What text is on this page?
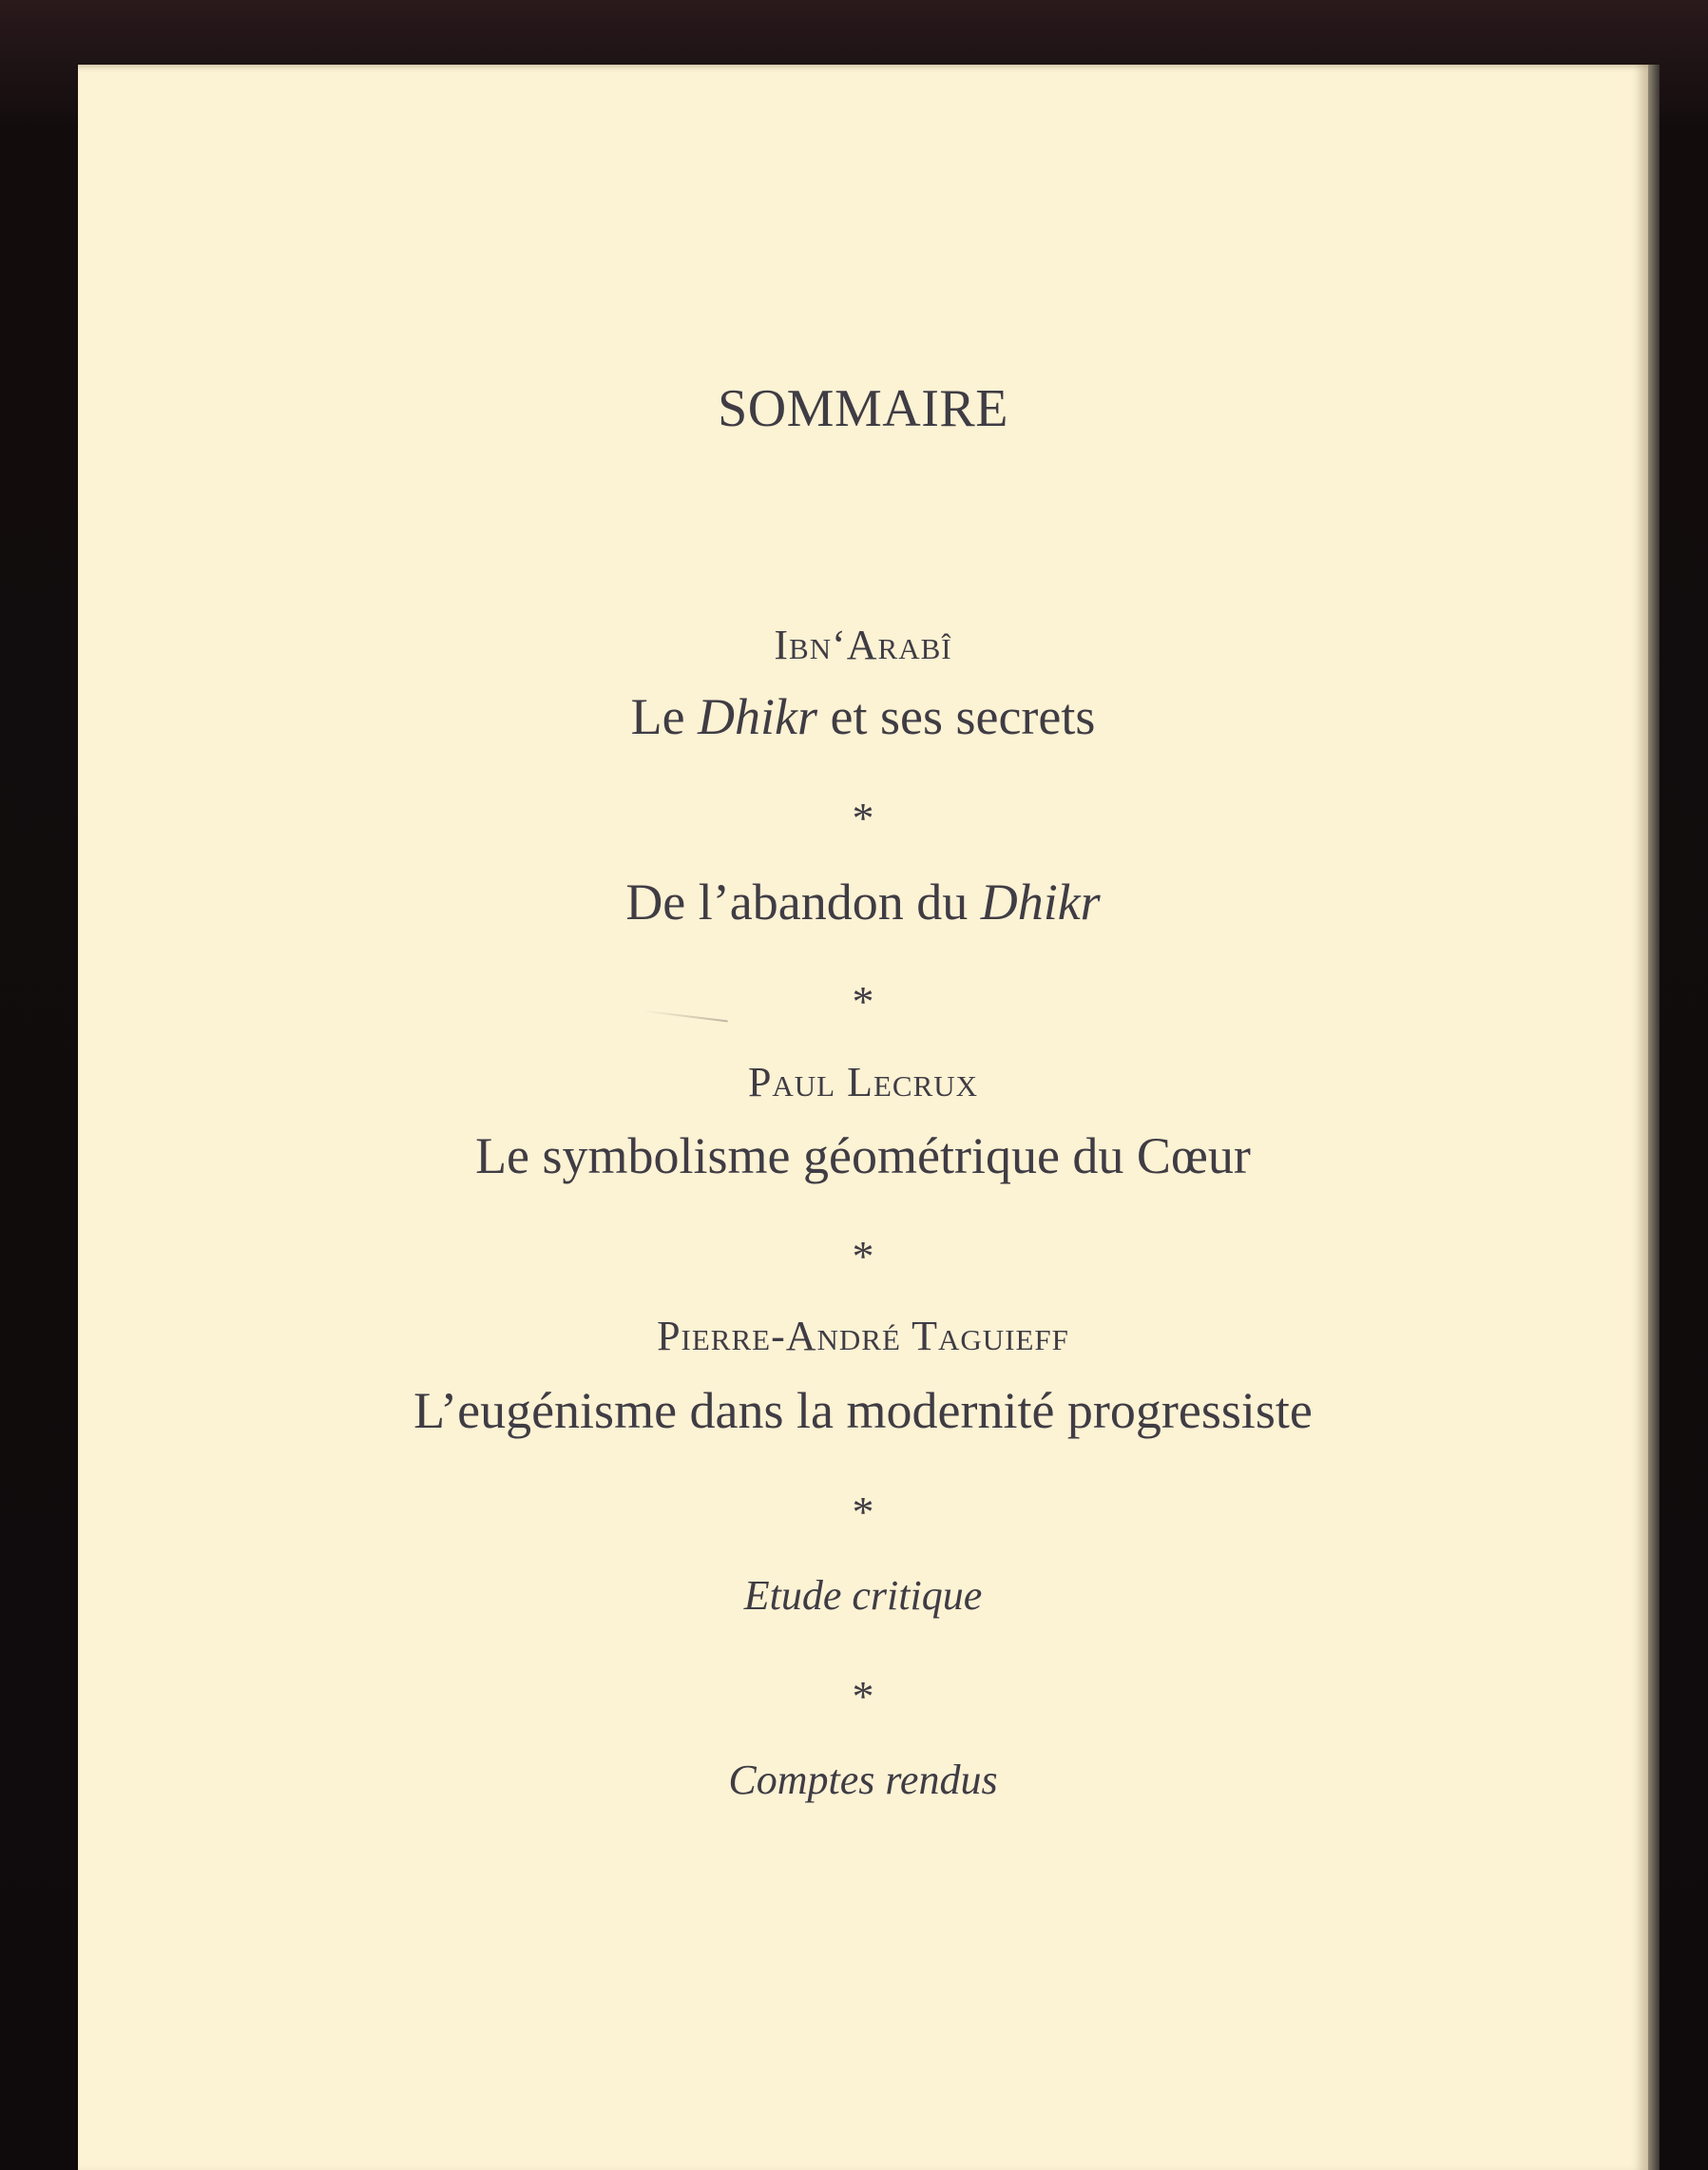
SOMMAIRE
Ibn‘Arabî
Le Dhikr et ses secrets
*
De l’abandon du Dhikr
*
Paul Lecrux
Le symbolisme géométrique du Cœur
*
Pierre-André Taguieff
L’eugénisme dans la modernité progressiste
*
Etude critique
*
Comptes rendus
